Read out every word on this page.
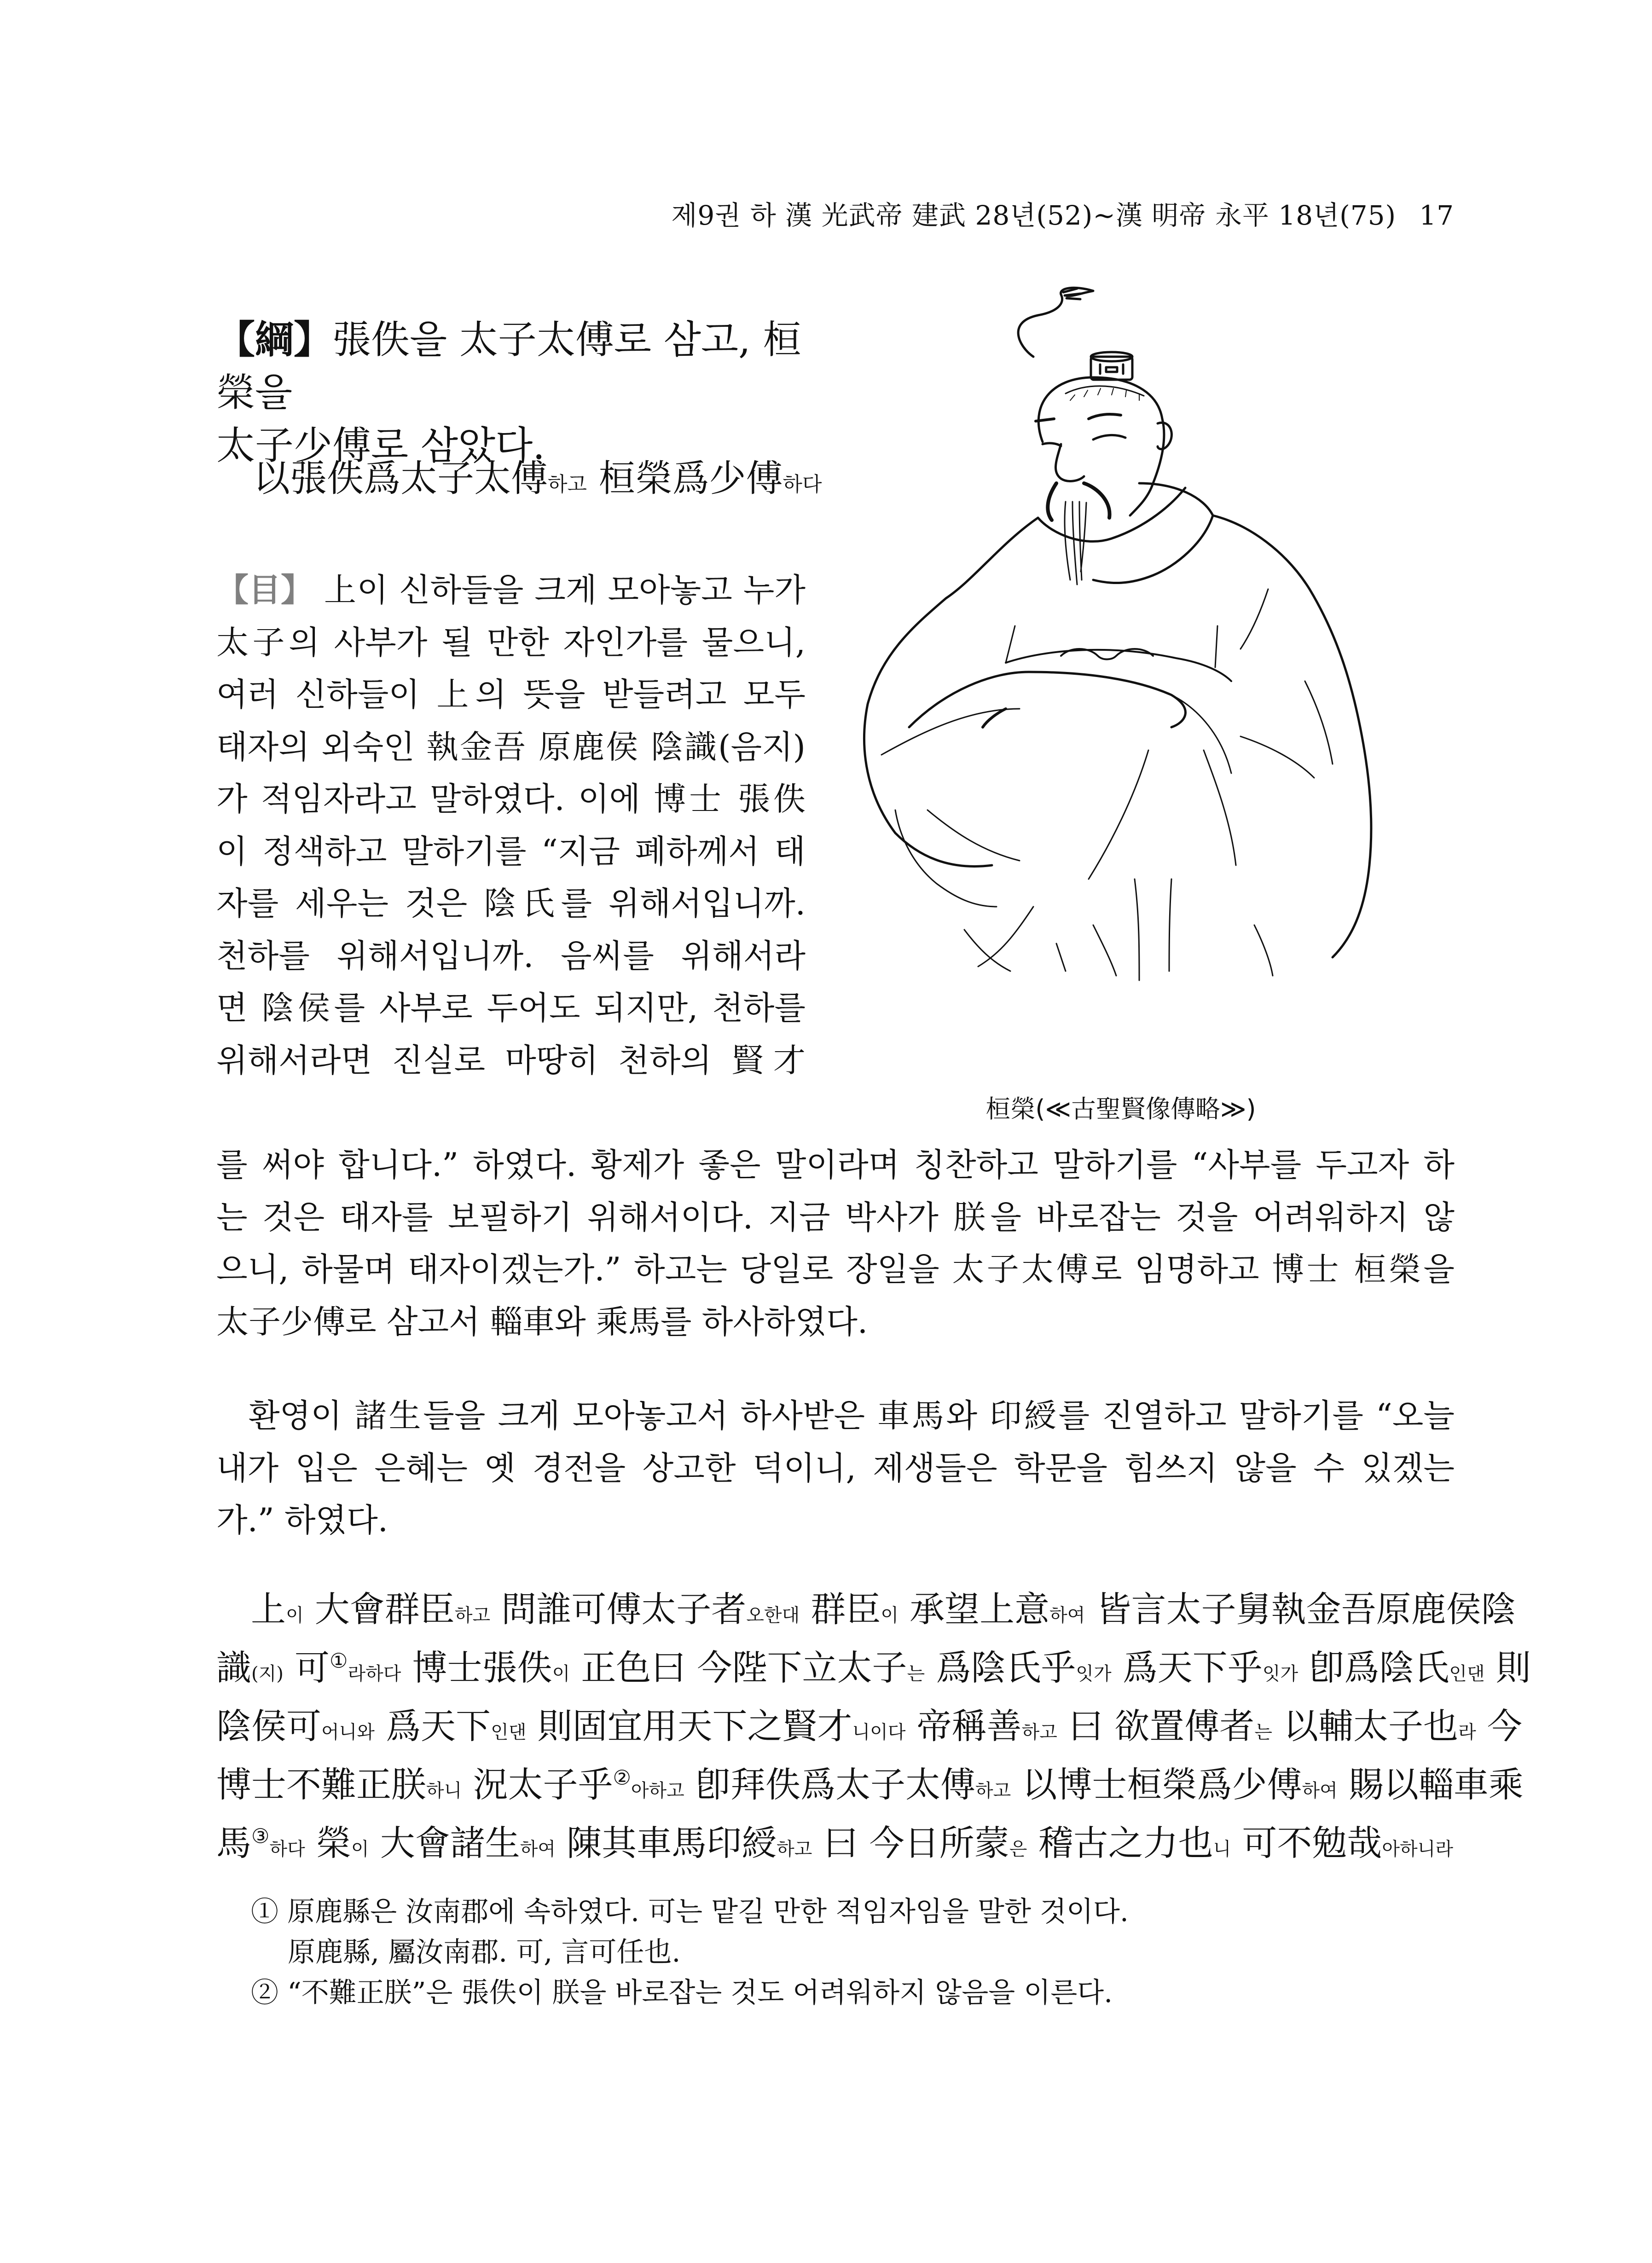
제9권 하 漢 光武帝 建武 28년(52)~漢 明帝 永平 18년(75) 17
【綱】張佚을 太子太傅로 삼고, 桓榮을
太子少傅로 삼았다.
以張佚爲太子太傅하고 桓榮爲少傅하다
【目】 上이 신하들을 크게 모아놓고 누가
太子의 사부가 될 만한 자인가를 물으니,
여러 신하들이 上의 뜻을 받들려고 모두
태자의 외숙인 執金吾 原鹿侯 陰識(음지)
가 적임자라고 말하였다. 이에 博士 張佚
이 정색하고 말하기를 “지금 폐하께서 태
자를 세우는 것은 陰氏를 위해서입니까.
천하를 위해서입니까. 음씨를 위해서라
면 陰侯를 사부로 두어도 되지만, 천하를
위해서라면 진실로 마땅히 천하의 賢才
桓榮(≪古聖賢像傳略≫)
를 써야 합니다.” 하였다. 황제가 좋은 말이라며 칭찬하고 말하기를 “사부를 두고자 하
는 것은 태자를 보필하기 위해서이다. 지금 박사가 朕을 바로잡는 것을 어려워하지 않
으니, 하물며 태자이겠는가.” 하고는 당일로 장일을 太子太傅로 임명하고 博士 桓榮을
太子少傅로 삼고서 輜車와 乘馬를 하사하였다.
환영이 諸生들을 크게 모아놓고서 하사받은 車馬와 印綬를 진열하고 말하기를 “오늘
내가 입은 은혜는 옛 경전을 상고한 덕이니, 제생들은 학문을 힘쓰지 않을 수 있겠는
가.” 하였다.
上이 大會群臣하고 問誰可傅太子者오한대 群臣이 承望上意하여 皆言太子舅執金吾原鹿侯陰
識(지) 可①라하다 博士張佚이 正色曰 今陛下立太子는 爲陰氏乎잇가 爲天下乎잇가 卽爲陰氏인댄 則
陰侯可어니와 爲天下인댄 則固宜用天下之賢才니이다 帝稱善하고 曰 欲置傅者는 以輔太子也라 今
博士不難正朕하니 況太子乎②아하고 卽拜佚爲太子太傅하고 以博士桓榮爲少傅하여 賜以輜車乘
馬③하다 榮이 大會諸生하여 陳其車馬印綬하고 曰 今日所蒙은 稽古之力也니 可不勉哉아하니라
① 原鹿縣은 汝南郡에 속하였다. 可는 맡길 만한 적임자임을 말한 것이다.
原鹿縣, 屬汝南郡. 可, 言可任也.
② “不難正朕”은 張佚이 朕을 바로잡는 것도 어려워하지 않음을 이른다.
